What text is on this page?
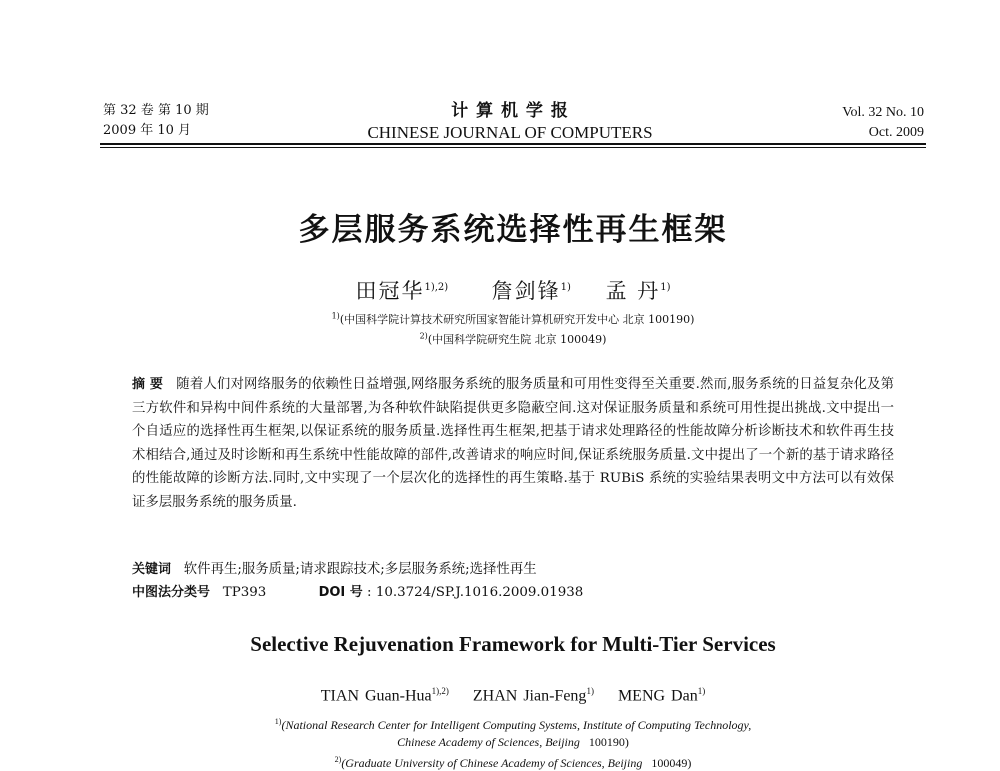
第 32 卷 第 10 期
2009 年 10 月
计 算 机 学 报
CHINESE JOURNAL OF COMPUTERS
Vol. 32 No. 10
Oct. 2009
多层服务系统选择性再生框架
田冠华$^{1),2)}$ 詹剑锋$^{1)}$ 孟 丹$^{1)}$
$^{1)}$(中国科学院计算技术研究所国家智能计算机研究开发中心 北京 100190)
$^{2)}$(中国科学院研究生院 北京 100049)
摘 要 随着人们对网络服务的依赖性日益增强,网络服务系统的服务质量和可用性变得至关重要.然而,服务系统的日益复杂化及第三方软件和异构中间件系统的大量部署,为各种软件缺陷提供更多隐蔽空间.这对保证服务质量和系统可用性提出挑战.文中提出一个自适应的选择性再生框架,以保证系统的服务质量.选择性再生框架,把基于请求处理路径的性能故障分析诊断技术和软件再生技术相结合,通过及时诊断和再生系统中性能故障的部件,改善请求的响应时间,保证系统服务质量.文中提出了一个新的基于请求路径的性能故障的诊断方法.同时,文中实现了一个层次化的选择性的再生策略.基于 RUBiS 系统的实验结果表明文中方法可以有效保证多层服务系统的服务质量.
关键词 软件再生;服务质量;请求跟踪技术;多层服务系统;选择性再生
中图法分类号 TP393	DOI 号 : 10.3724/SP.J.1016.2009.01938
Selective Rejuvenation Framework for Multi-Tier Services
TIAN Guan-Hua$^{1),2)}$ ZHAN Jian-Feng$^{1)}$ MENG Dan$^{1)}$
$^{1)}$(National Research Center for Intelligent Computing Systems, Institute of Computing Technology,
Chinese Academy of Sciences, Beijing 100190)
$^{2)}$(Graduate University of Chinese Academy of Sciences, Beijing 100049)
